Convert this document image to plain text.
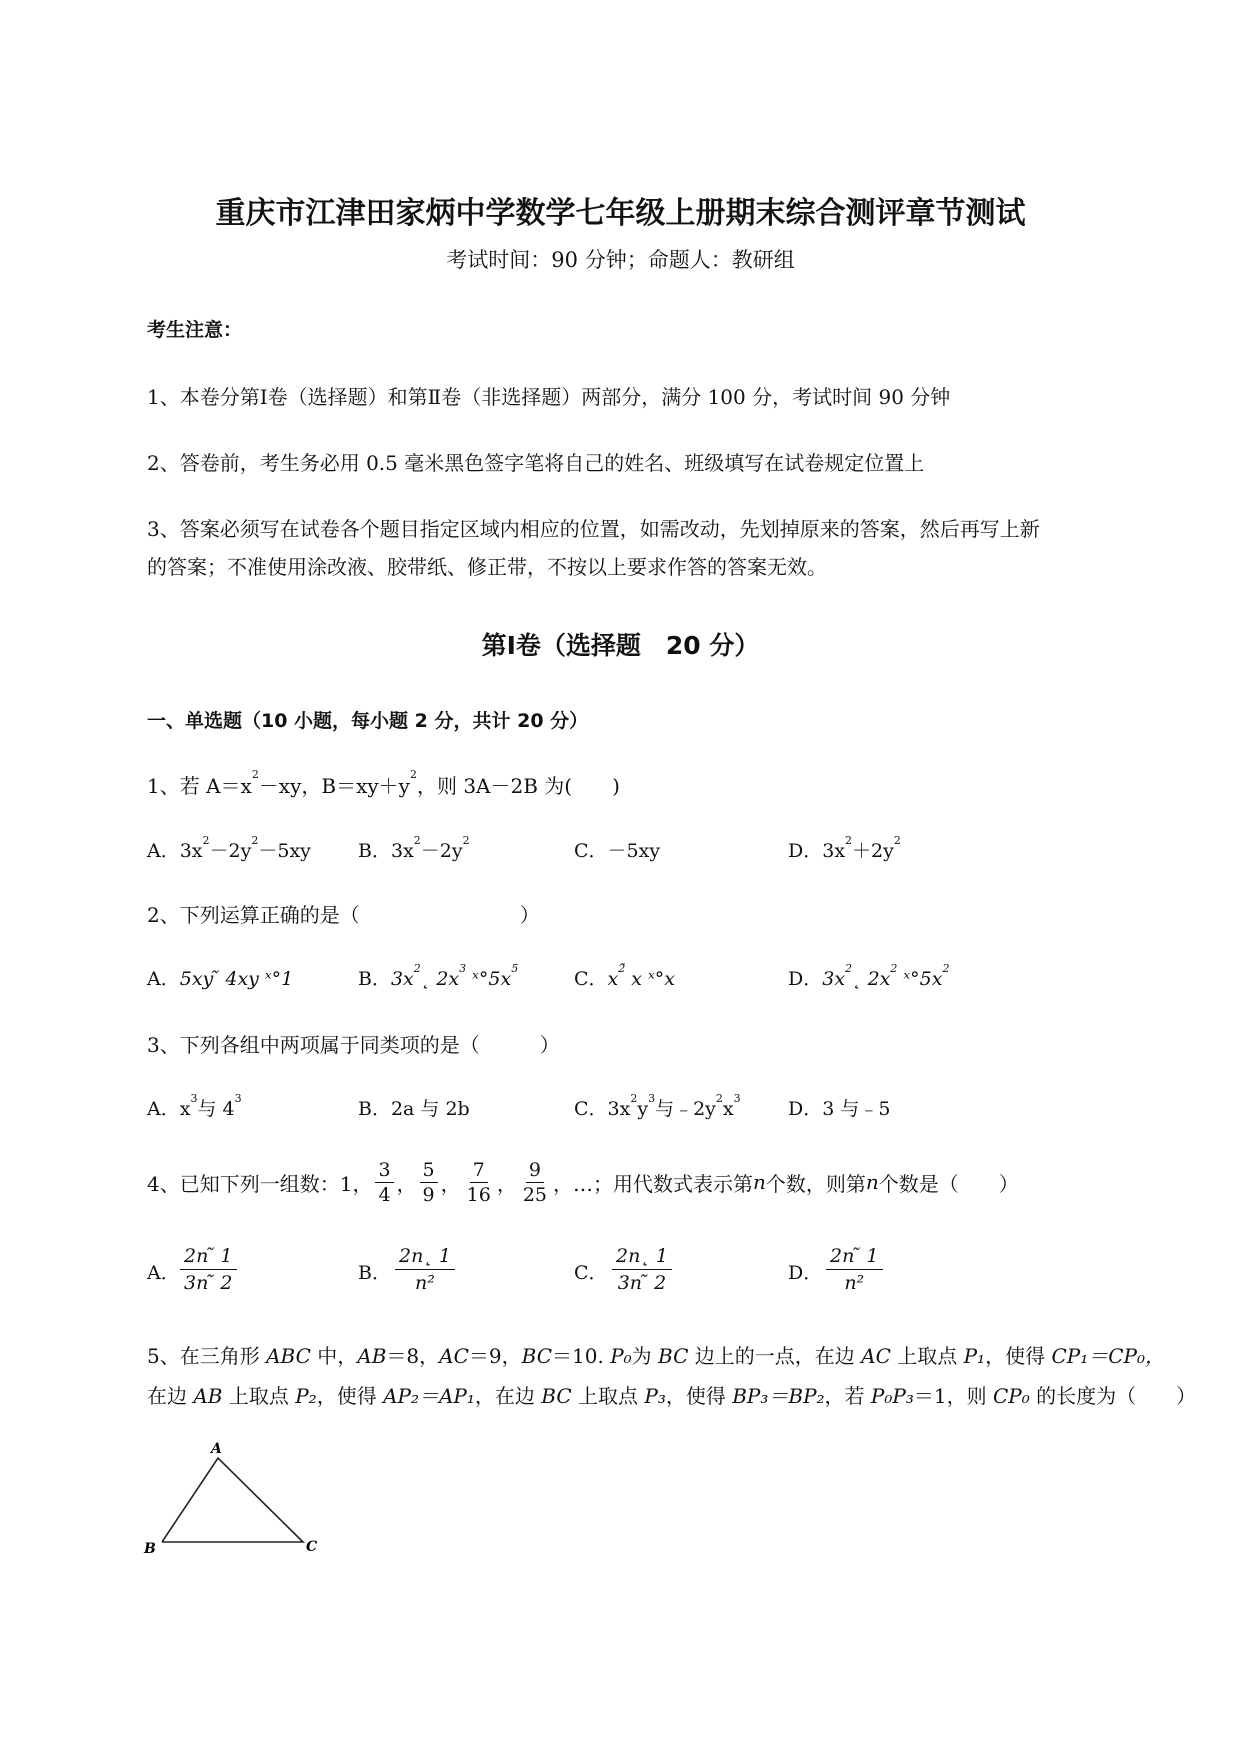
重庆市江津田家炳中学数学七年级上册期末综合测评章节测试
考试时间：90 分钟；命题人：教研组
考生注意：
1、本卷分第Ⅰ卷（选择题）和第Ⅱ卷（非选择题）两部分，满分 100 分，考试时间 90 分钟
2、答卷前，考生务必用 0.5 毫米黑色签字笔将自己的姓名、班级填写在试卷规定位置上
3、答案必须写在试卷各个题目指定区域内相应的位置，如需改动，先划掉原来的答案，然后再写上新
的答案；不准使用涂改液、胶带纸、修正带，不按以上要求作答的答案无效。
第Ⅰ卷（选择题　20 分）
一、单选题（10 小题，每小题 2 分，共计 20 分）
1、若 $A=x^2-xy$，$B=xy+y^2$，则 3A－2B 为(　　)
A．$3x^2-2y^2-5xy$ B．$3x^2-2y^2$	C．－5xy	D．$3x^2+2y^2$
2、下列运算正确的是（　　　　　　　　）
A．5xy ̃ 4xy ˣ°1	B．$3x^2˛$ $2x^3$ $ˣ^\circ 5x^5$	C．$x^{2̃}$ x ˣ°x	D．$3x^2˛$ $2x^2$ $ˣ^\circ 5x^2$
3、下列各组中两项属于同类项的是（　　　）
A．$x^3$与 $4^3$	B．2a 与 2b	C．$3x^2y^3$与$﹣2y^2x^3$ D．3 与﹣5
4、已知下列一组数：1， $\frac{3}{4}$ ， $\frac{5}{9}$ ， $\frac{7}{16}$ ， $\frac{9}{25}$ ，…；用代数式表示第 n 个数，则第 n 个数是（　　）
A． $\frac{2n ̃ 1}{3n ̃ 2}$	B． $\frac{2n˛ 1}{\text{n²}}$	C． $\frac{2n˛ 1}{3n ̃ 2}$	D． $\frac{2n ̃ 1}{\text{n²}}$
5、在三角形 ABC 中，AB＝8，AC＝9，BC＝10. P₀为 BC 边上的一点，在边 AC 上取点 P₁，使得 CP₁＝CP₀，
在边 AB 上取点 P₂，使得 AP₂＝AP₁，在边 BC 上取点 P₃，使得 BP₃＝BP₂，若 P₀P₃＝1，则 CP₀ 的长度为（　　）
A
B	C
